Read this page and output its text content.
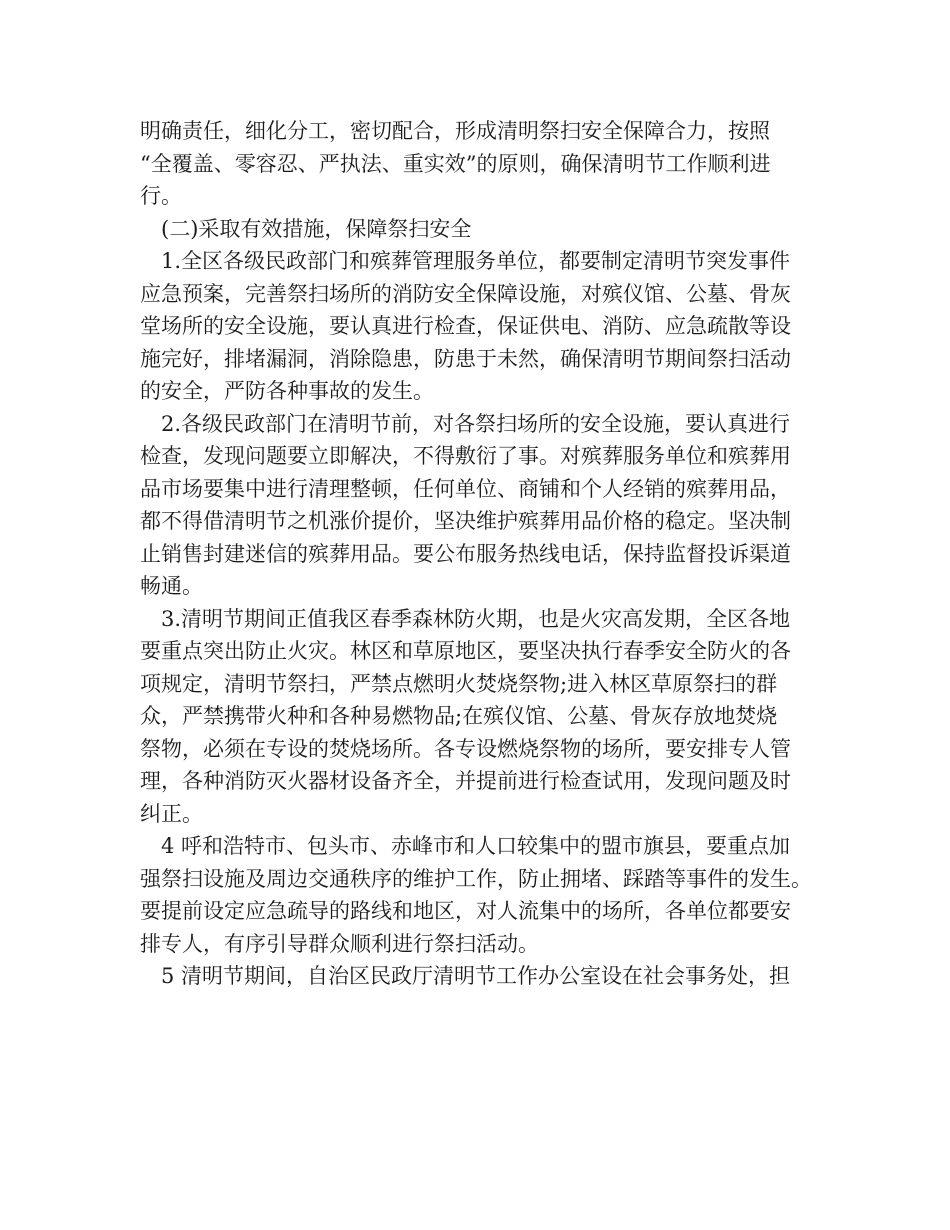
明确责任，细化分工，密切配合，形成清明祭扫安全保障合力，按照
“全覆盖、零容忍、严执法、重实效”的原则，确保清明节工作顺利进
行。
(二)采取有效措施，保障祭扫安全
1.全区各级民政部门和殡葬管理服务单位，都要制定清明节突发事件
应急预案，完善祭扫场所的消防安全保障设施，对殡仪馆、公墓、骨灰
堂场所的安全设施，要认真进行检查，保证供电、消防、应急疏散等设
施完好，排堵漏洞，消除隐患，防患于未然，确保清明节期间祭扫活动
的安全，严防各种事故的发生。
2.各级民政部门在清明节前，对各祭扫场所的安全设施，要认真进行
检查，发现问题要立即解决，不得敷衍了事。对殡葬服务单位和殡葬用
品市场要集中进行清理整顿，任何单位、商铺和个人经销的殡葬用品，
都不得借清明节之机涨价提价，坚决维护殡葬用品价格的稳定。坚决制
止销售封建迷信的殡葬用品。要公布服务热线电话，保持监督投诉渠道
畅通。
3.清明节期间正值我区春季森林防火期，也是火灾高发期，全区各地
要重点突出防止火灾。林区和草原地区，要坚决执行春季安全防火的各
项规定，清明节祭扫，严禁点燃明火焚烧祭物;进入林区草原祭扫的群
众，严禁携带火种和各种易燃物品;在殡仪馆、公墓、骨灰存放地焚烧
祭物，必须在专设的焚烧场所。各专设燃烧祭物的场所，要安排专人管
理，各种消防灭火器材设备齐全，并提前进行检查试用，发现问题及时
纠正。
4 呼和浩特市、包头市、赤峰市和人口较集中的盟市旗县，要重点加
强祭扫设施及周边交通秩序的维护工作，防止拥堵、踩踏等事件的发生。
要提前设定应急疏导的路线和地区，对人流集中的场所，各单位都要安
排专人，有序引导群众顺利进行祭扫活动。
5 清明节期间，自治区民政厅清明节工作办公室设在社会事务处，担
